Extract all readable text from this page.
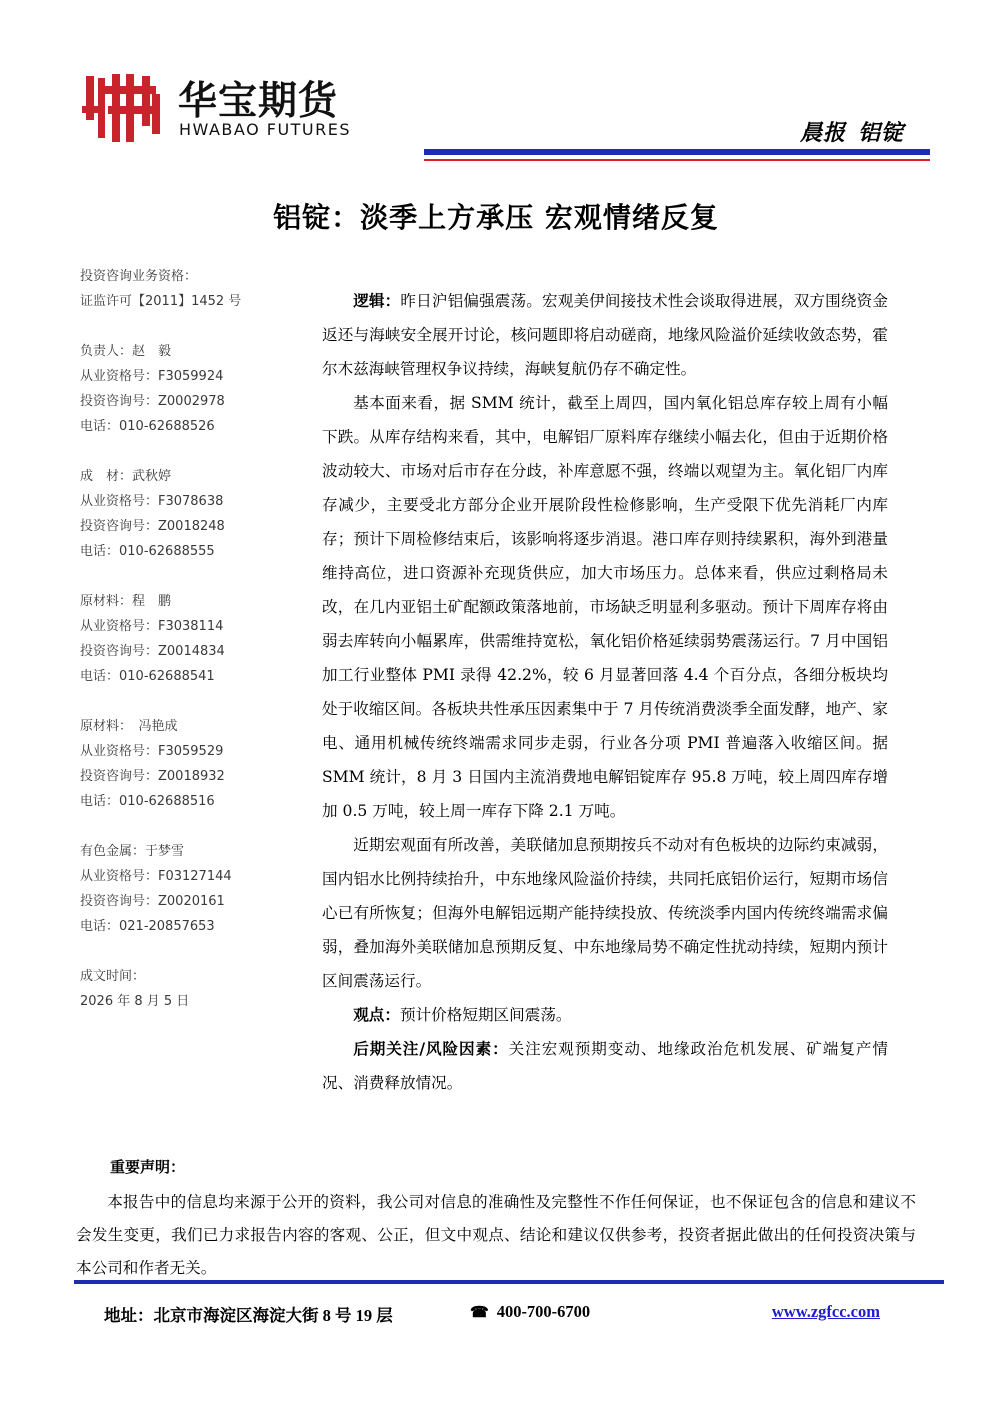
华宝期货
HWABAO FUTURES	晨报 铝锭
铝锭：淡季上方承压 宏观情绪反复
投资咨询业务资格：
证监许可【2011】1452 号
负责人：赵　毅
从业资格号：F3059924
投资咨询号：Z0002978
电话：010-62688526
成　材：武秋婷
从业资格号：F3078638
投资咨询号：Z0018248
电话：010-62688555
原材料：程　鹏
从业资格号：F3038114
投资咨询号：Z0014834
电话：010-62688541
原材料：　冯艳成
从业资格号：F3059529
投资咨询号：Z0018932
电话：010-62688516
有色金属：于梦雪
从业资格号：F03127144
投资咨询号：Z0020161
电话：021-20857653
成文时间：
2026 年 8 月 5 日

逻辑：昨日沪铝偏强震荡。宏观美伊间接技术性会谈取得进展，双方围绕资金返还与海峡安全展开讨论，核问题即将启动磋商，地缘风险溢价延续收敛态势，霍尔木兹海峡管理权争议持续，海峡复航仍存不确定性。

基本面来看，据 SMM 统计，截至上周四，国内氧化铝总库存较上周有小幅下跌。从库存结构来看，其中，电解铝厂原料库存继续小幅去化，但由于近期价格波动较大、市场对后市存在分歧，补库意愿不强，终端以观望为主。氧化铝厂内库存减少，主要受北方部分企业开展阶段性检修影响，生产受限下优先消耗厂内库存；预计下周检修结束后，该影响将逐步消退。港口库存则持续累积，海外到港量维持高位，进口资源补充现货供应，加大市场压力。总体来看，供应过剩格局未改，在几内亚铝土矿配额政策落地前，市场缺乏明显利多驱动。预计下周库存将由弱去库转向小幅累库，供需维持宽松，氧化铝价格延续弱势震荡运行。7 月中国铝加工行业整体 PMI 录得 42.2%，较 6 月显著回落 4.4 个百分点，各细分板块均处于收缩区间。各板块共性承压因素集中于 7 月传统消费淡季全面发酵，地产、家电、通用机械传统终端需求同步走弱，行业各分项 PMI 普遍落入收缩区间。据 SMM 统计，8 月 3 日国内主流消费地电解铝锭库存 95.8 万吨，较上周四库存增加 0.5 万吨，较上周一库存下降 2.1 万吨。

近期宏观面有所改善，美联储加息预期按兵不动对有色板块的边际约束减弱，国内铝水比例持续抬升，中东地缘风险溢价持续，共同托底铝价运行，短期市场信心已有所恢复；但海外电解铝远期产能持续投放、传统淡季内国内传统终端需求偏弱，叠加海外美联储加息预期反复、中东地缘局势不确定性扰动持续，短期内预计区间震荡运行。

观点：预计价格短期区间震荡。

后期关注/风险因素：关注宏观预期变动、地缘政治危机发展、矿端复产情况、消费释放情况。

重要声明：
本报告中的信息均来源于公开的资料，我公司对信息的准确性及完整性不作任何保证，也不保证包含的信息和建议不会发生变更，我们已力求报告内容的客观、公正，但文中观点、结论和建议仅供参考，投资者据此做出的任何投资决策与本公司和作者无关。
地址：北京市海淀区海淀大街 8 号 19 层	☎ 400-700-6700	www.zgfcc.com
